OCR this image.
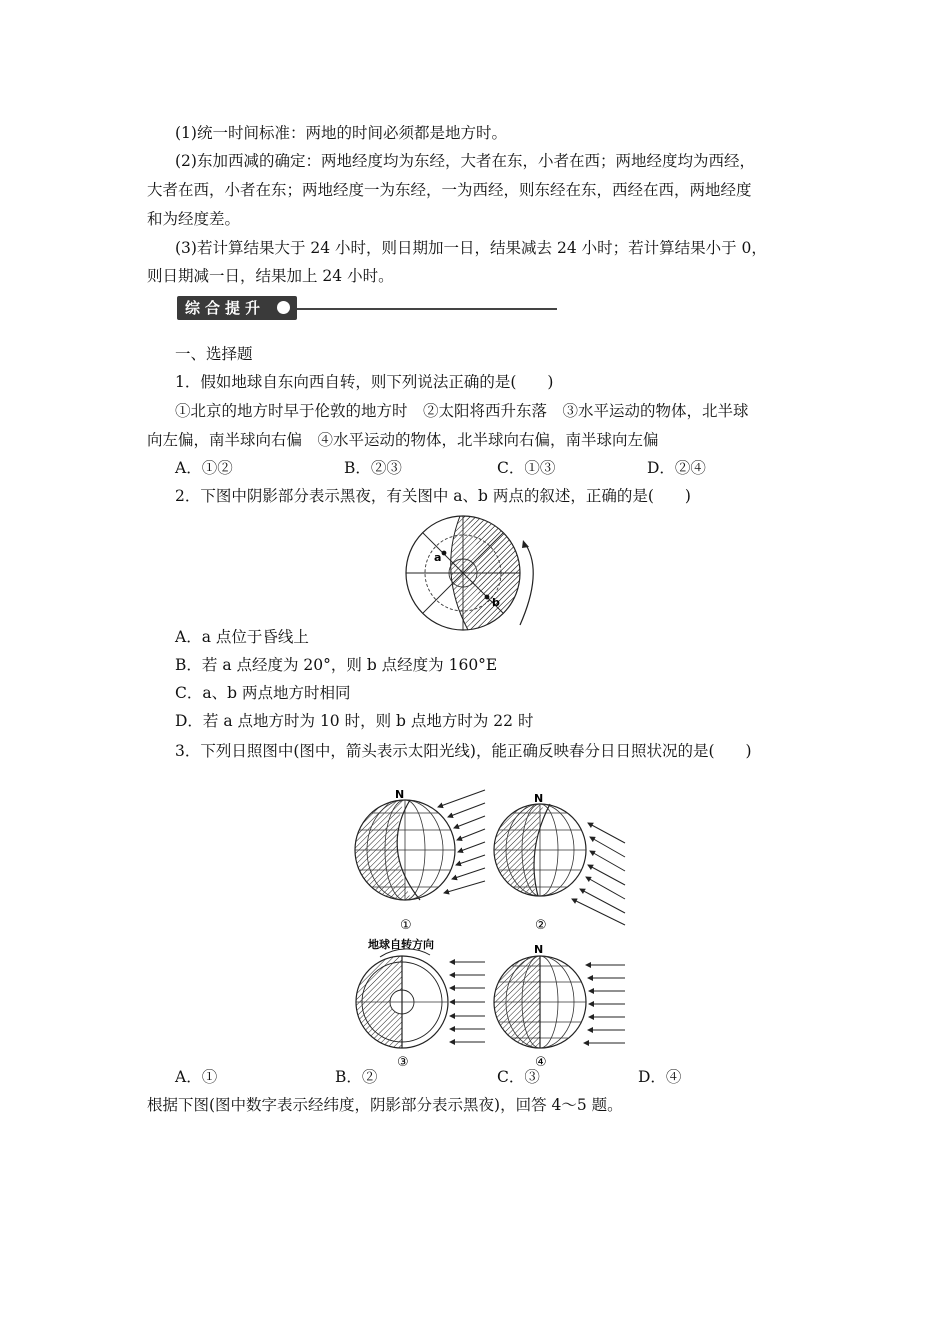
(1)统一时间标准：两地的时间必须都是地方时。
(2)东加西减的确定：两地经度均为东经，大者在东，小者在西；两地经度均为西经，
大者在西，小者在东；两地经度一为东经，一为西经，则东经在东，西经在西，两地经度
和为经度差。
(3)若计算结果大于 24 小时，则日期加一日，结果减去 24 小时；若计算结果小于 0，
则日期减一日，结果加上 24 小时。
综合提升
一、选择题
1．假如地球自东向西自转，则下列说法正确的是(　　)
①北京的地方时早于伦敦的地方时　②太阳将西升东落　③水平运动的物体，北半球
向左偏，南半球向右偏　④水平运动的物体，北半球向右偏，南半球向左偏
A．①②	B．②③	C．①③	D．②④
2．下图中阴影部分表示黑夜，有关图中 a、b 两点的叙述，正确的是(　　)
a
b
A．a 点位于昏线上
B．若 a 点经度为 20°，则 b 点经度为 160°E
C．a、b 两点地方时相同
D．若 a 点地方时为 10 时，则 b 点地方时为 22 时
3．下列日照图中(图中，箭头表示太阳光线)，能正确反映春分日日照状况的是(　　)
N
①
N
②
地球自转方向
③
N
④
A．①	B．②	C．③	D．④
根据下图(图中数字表示经纬度，阴影部分表示黑夜)，回答 4～5 题。
